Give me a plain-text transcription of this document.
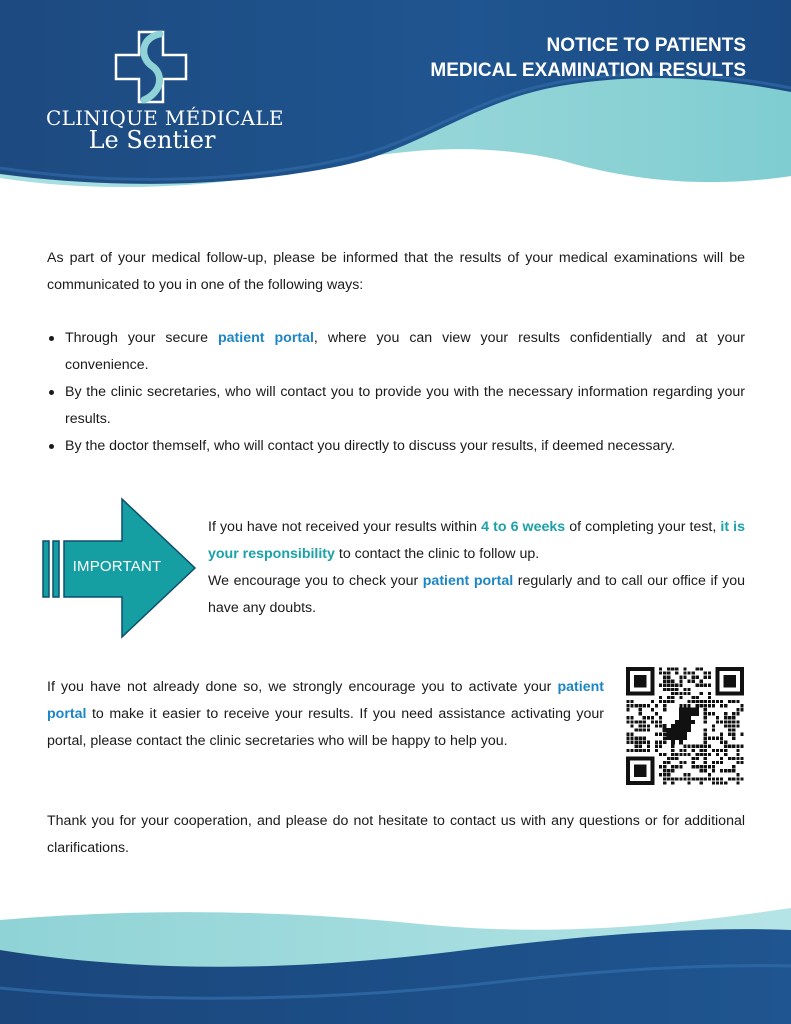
CLINIQUE MÉDICALE
Le Sentier
NOTICE TO PATIENTS
MEDICAL EXAMINATION RESULTS

As part of your medical follow-up, please be informed that the results of your medical examinations will be communicated to you in one of the following ways:

Through your secure patient portal, where you can view your results confidentially and at your convenience.
By the clinic secretaries, who will contact you to provide you with the necessary information regarding your results.
By the doctor themself, who will contact you directly to discuss your results, if deemed necessary.
IMPORTANT
If you have not received your results within 4 to 6 weeks of completing your test, it is your responsibility to contact the clinic to follow up.
We encourage you to check your patient portal regularly and to call our office if you have any doubts.

If you have not already done so, we strongly encourage you to activate your patient portal to make it easier to receive your results. If you need assistance activating your portal, please contact the clinic secretaries who will be happy to help you.

Thank you for your cooperation, and please do not hesitate to contact us with any questions or for additional clarifications.
